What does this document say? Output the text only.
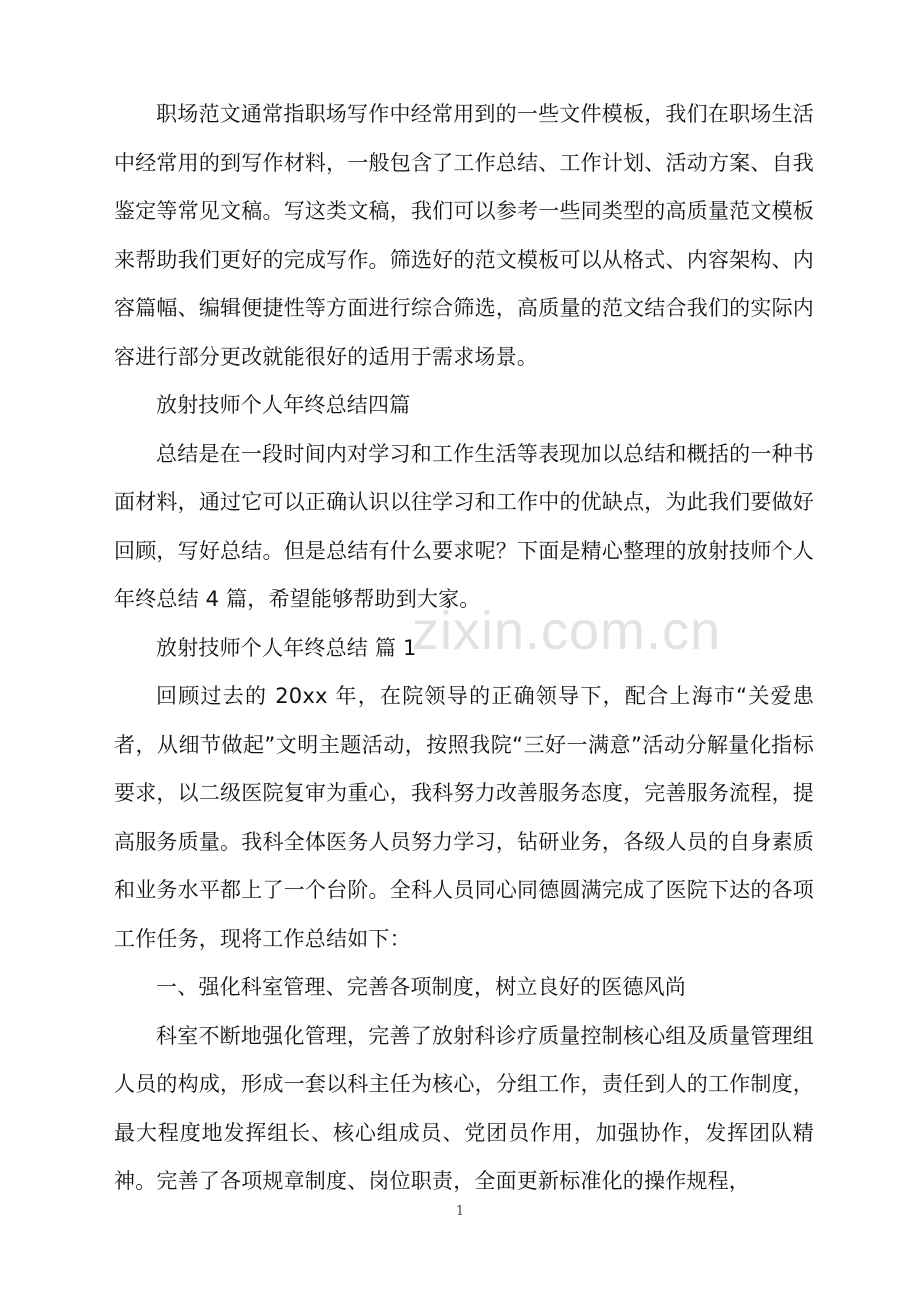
职场范文通常指职场写作中经常用到的一些文件模板，我们在职场生活中经常用的到写作材料，一般包含了工作总结、工作计划、活动方案、自我鉴定等常见文稿。写这类文稿，我们可以参考一些同类型的高质量范文模板来帮助我们更好的完成写作。筛选好的范文模板可以从格式、内容架构、内容篇幅、编辑便捷性等方面进行综合筛选，高质量的范文结合我们的实际内容进行部分更改就能很好的适用于需求场景。

放射技师个人年终总结四篇

总结是在一段时间内对学习和工作生活等表现加以总结和概括的一种书面材料，通过它可以正确认识以往学习和工作中的优缺点，为此我们要做好回顾，写好总结。但是总结有什么要求呢？下面是精心整理的放射技师个人年终总结 4 篇，希望能够帮助到大家。

放射技师个人年终总结 篇 1

回顾过去的 20xx 年，在院领导的正确领导下，配合上海市“关爱患者，从细节做起”文明主题活动，按照我院“三好一满意”活动分解量化指标要求，以二级医院复审为重心，我科努力改善服务态度，完善服务流程，提高服务质量。我科全体医务人员努力学习，钻研业务，各级人员的自身素质和业务水平都上了一个台阶。全科人员同心同德圆满完成了医院下达的各项工作任务，现将工作总结如下：

一、强化科室管理、完善各项制度，树立良好的医德风尚

科室不断地强化管理，完善了放射科诊疗质量控制核心组及质量管理组人员的构成，形成一套以科主任为核心，分组工作，责任到人的工作制度，最大程度地发挥组长、核心组成员、党团员作用，加强协作，发挥团队精神。完善了各项规章制度、岗位职责，全面更新标准化的操作规程，

zixin.com.cn
1
